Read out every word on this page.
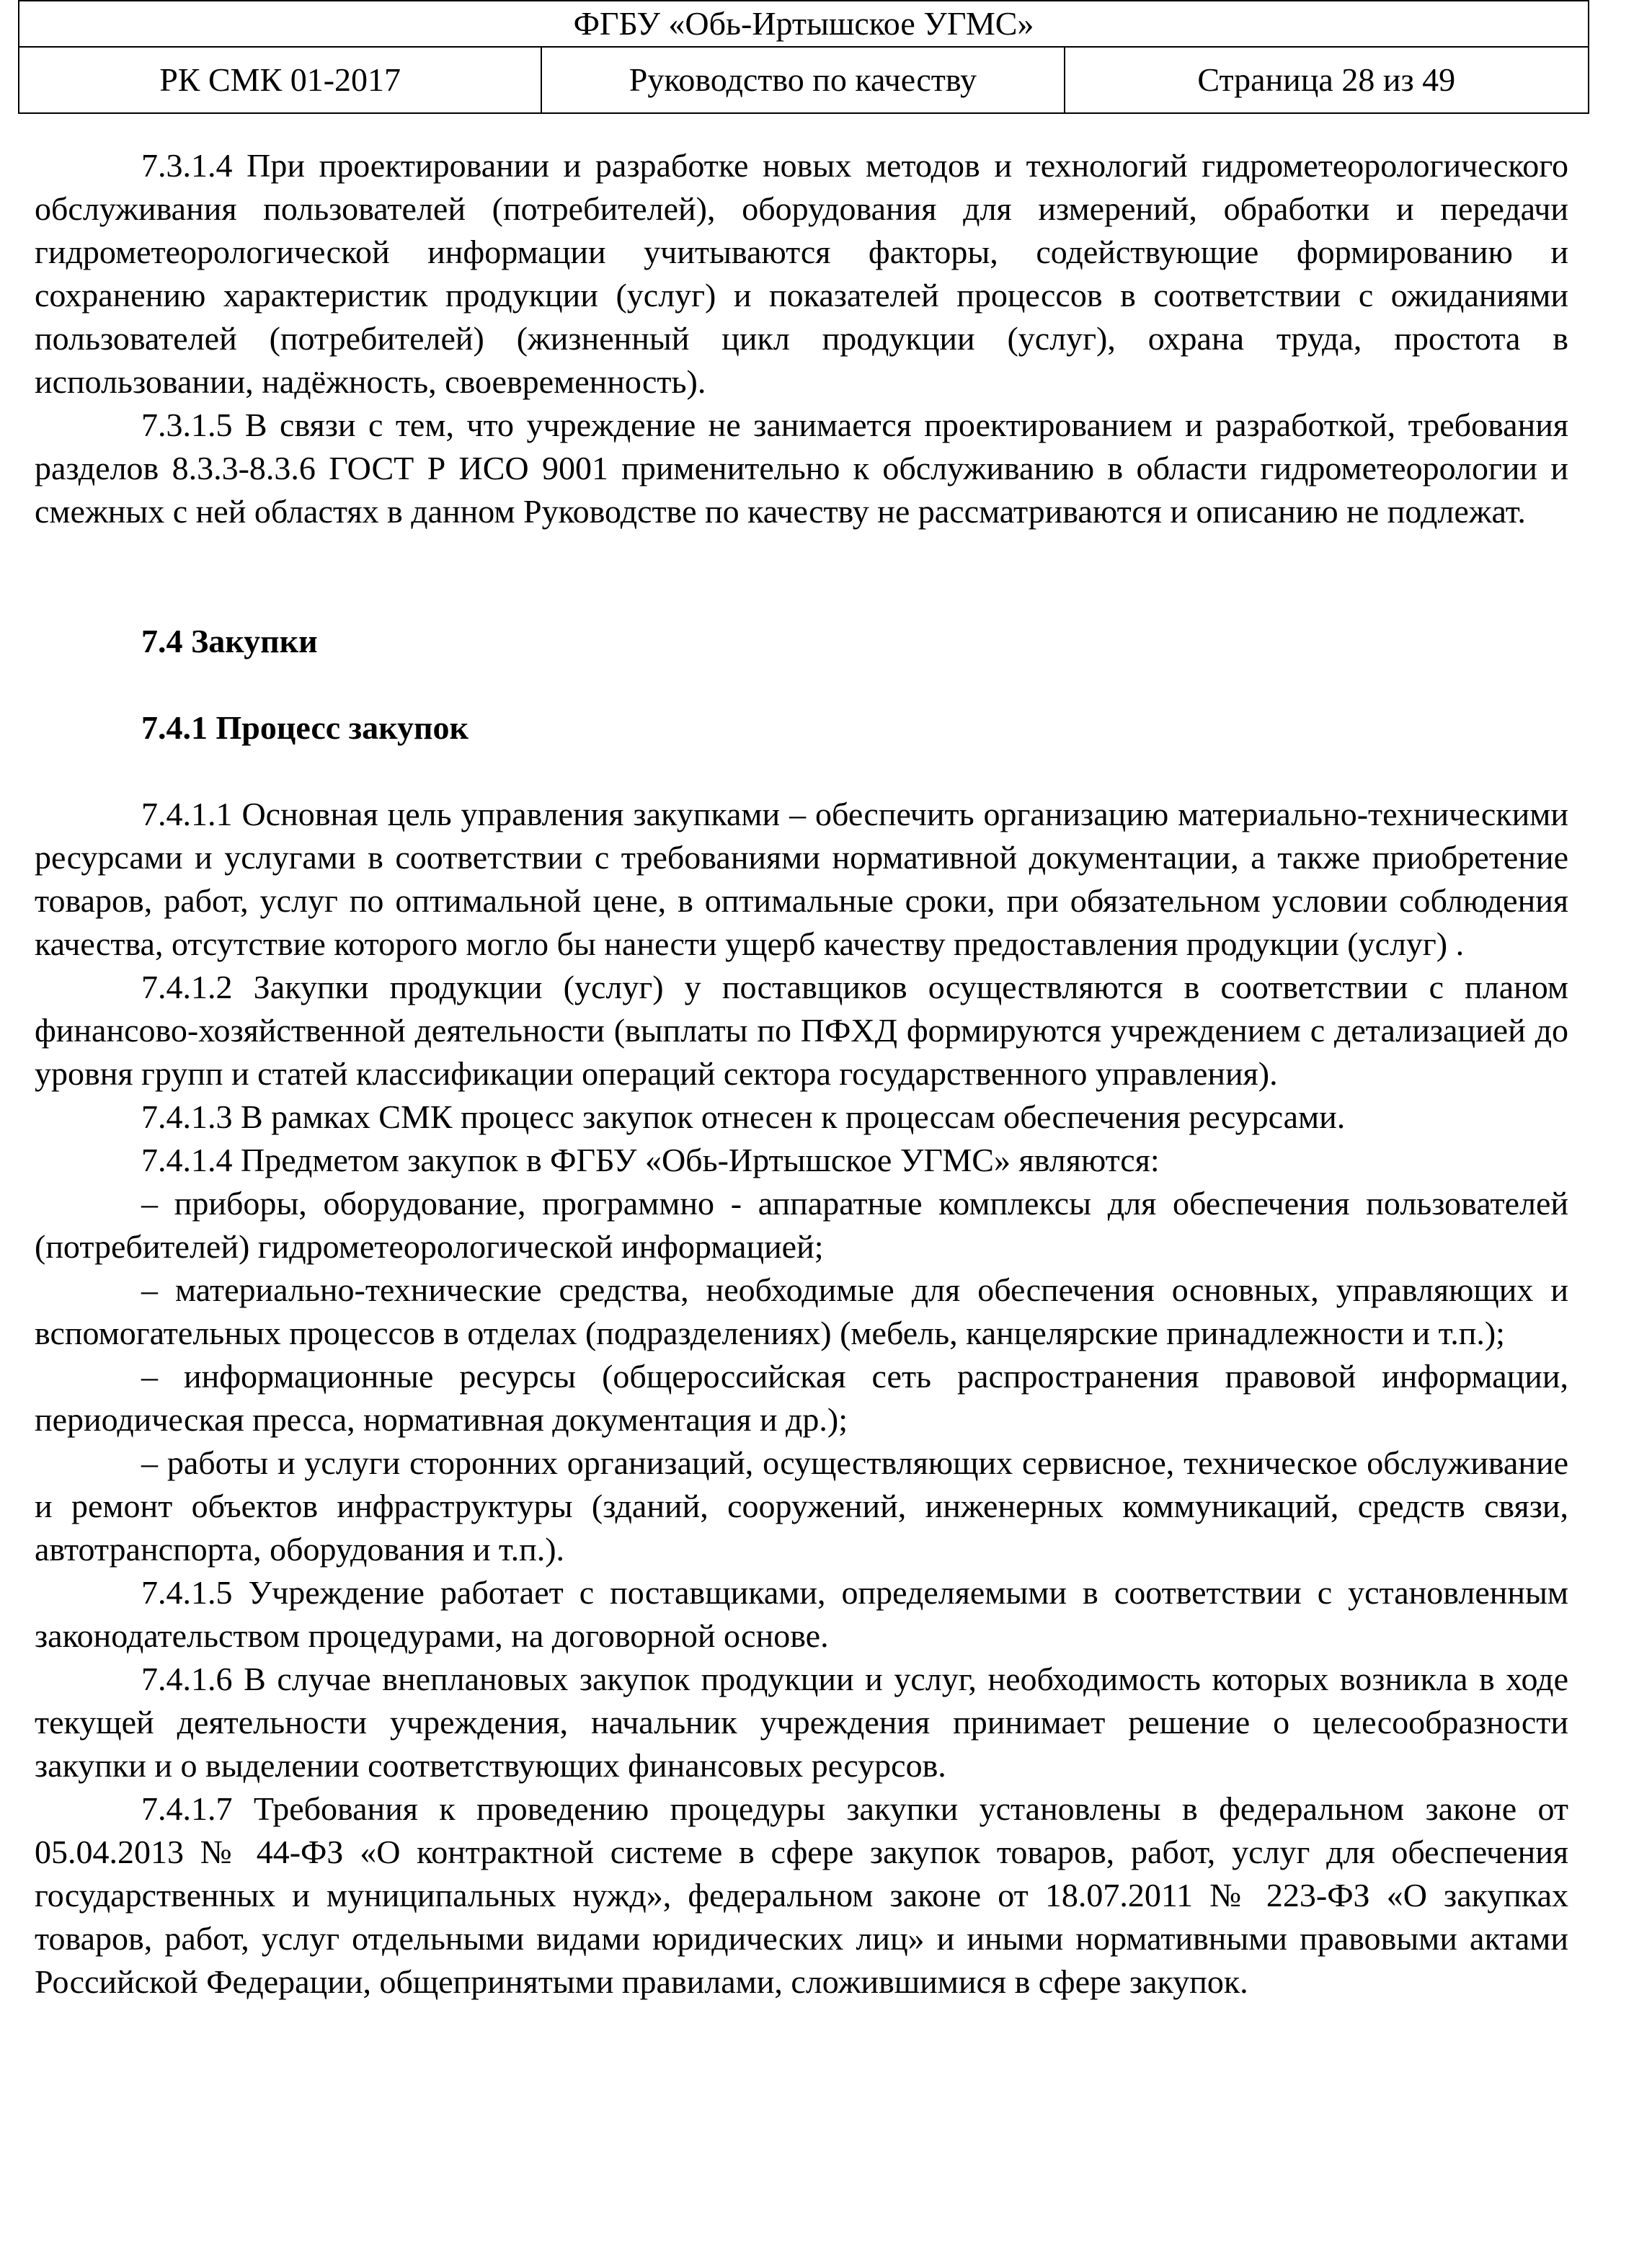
ФГБУ «Обь-Иртышское УГМС»
РК СМК 01-2017	Руководство по качеству	Страница 28 из 49

7.3.1.4 При проектировании и разработке новых методов и технологий гидрометеорологического обслуживания пользователей (потребителей), оборудования для измерений, обработки и передачи гидрометеорологической информации учитываются факторы, содействующие формированию и сохранению характеристик продукции (услуг) и показателей процессов в соответствии с ожиданиями пользователей (потребителей) (жизненный цикл продукции (услуг), охрана труда, простота в использовании, надёжность, своевременность).

7.3.1.5 В связи с тем, что учреждение не занимается проектированием и разработкой, требования разделов 8.3.3-8.3.6 ГОСТ Р ИСО 9001 применительно к обслуживанию в области гидрометеорологии и смежных с ней областях в данном Руководстве по качеству не рассматриваются и описанию не подлежат.

7.4 Закупки

7.4.1 Процесс закупок

7.4.1.1 Основная цель управления закупками – обеспечить организацию материально-техническими ресурсами и услугами в соответствии с требованиями нормативной документации, а также приобретение товаров, работ, услуг по оптимальной цене, в оптимальные сроки, при обязательном условии соблюдения качества, отсутствие которого могло бы нанести ущерб качеству предоставления продукции (услуг) .

7.4.1.2 Закупки продукции (услуг) у поставщиков осуществляются в соответствии с планом финансово-хозяйственной деятельности (выплаты по ПФХД формируются учреждением с детализацией до уровня групп и статей классификации операций сектора государственного управления).

7.4.1.3 В рамках СМК процесс закупок отнесен к процессам обеспечения ресурсами.

7.4.1.4 Предметом закупок в ФГБУ «Обь-Иртышское УГМС» являются:

– приборы, оборудование, программно - аппаратные комплексы для обеспечения пользователей (потребителей) гидрометеорологической информацией;

– материально-технические средства, необходимые для обеспечения основных, управляющих и вспомогательных процессов в отделах (подразделениях) (мебель, канцелярские принадлежности и т.п.);

– информационные ресурсы (общероссийская сеть распространения правовой информации, периодическая пресса, нормативная документация и др.);

– работы и услуги сторонних организаций, осуществляющих сервисное, техническое обслуживание и ремонт объектов инфраструктуры (зданий, сооружений, инженерных коммуникаций, средств связи, автотранспорта, оборудования и т.п.).

7.4.1.5 Учреждение работает с поставщиками, определяемыми в соответствии с установленным законодательством процедурами, на договорной основе.

7.4.1.6 В случае внеплановых закупок продукции и услуг, необходимость которых возникла в ходе текущей деятельности учреждения, начальник учреждения принимает решение о целесообразности закупки и о выделении соответствующих финансовых ресурсов.

7.4.1.7 Требования к проведению процедуры закупки установлены в федеральном законе от 05.04.2013 № 44-ФЗ «О контрактной системе в сфере закупок товаров, работ, услуг для обеспечения государственных и муниципальных нужд», федеральном законе от 18.07.2011 № 223-ФЗ «О закупках товаров, работ, услуг отдельными видами юридических лиц» и иными нормативными правовыми актами Российской Федерации, общепринятыми правилами, сложившимися в сфере закупок.
